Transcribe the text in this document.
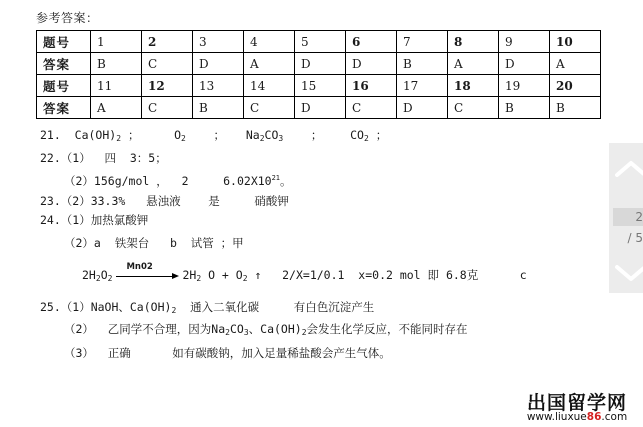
参考答案：
题号	1	2	3	4	5	6	7	8	9	10
答案	B	C	D	A	D	D	B	A	D	A
题号	11	12	13	14	15	16	17	18	19	20
答案	A	C	B	C	D	C	D	C	B	B
21. $Ca(OH)_2$ ；	$O_2$ ； $Na_2CO_3$ ； $CO_2$ ；
22.（1）  四  3：5；
（2）156g/mol ，  2     $6.02X10^{21}$。
23.（2）33.3%   悬浊液    是     硝酸钾
24.（1）加热氯酸钾
（2）a  铁架台   b  试管 ；甲
$2H_2O_2$
Mn02
$2H_2$ $O + O_2$ ↑   2/X=1/0.1  x=0.2 mol 即 6.8克      c
25.（1）NaOH、$Ca(OH)_2$  通入二氧化碳     有白色沉淀产生
（2）  乙同学不合理，因为$Na_2CO_3$、$Ca(OH)_2$会发生化学反应，不能同时存在
（3）  正确      如有碳酸钠，加入足量稀盐酸会产生气体。
2
/ 5
出国留学网
www.liuxue86.com
